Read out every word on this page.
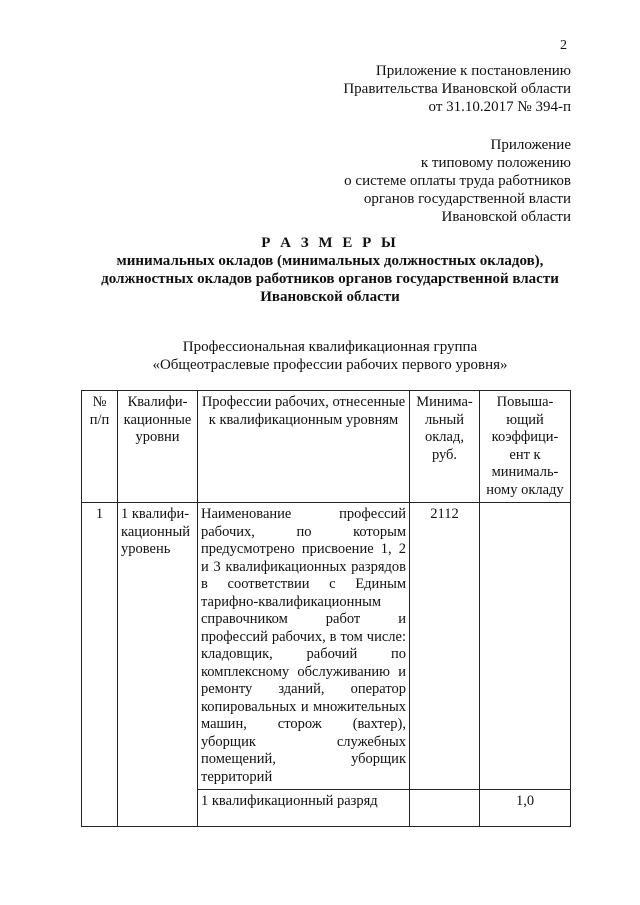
2
Приложение к постановлению
Правительства Ивановской области
от 31.10.2017 № 394-п
Приложение
к типовому положению
о системе оплаты труда работников
органов государственной власти
Ивановской области
Р А З М Е Р Ы
минимальных окладов (минимальных должностных окладов),
должностных окладов работников органов государственной власти
Ивановской области
Профессиональная квалификационная группа
«Общеотраслевые профессии рабочих первого уровня»
№ п/п	Квалифи-кационные уровни	Профессии рабочих, отнесенные к квалификационным уровням	Минима-льный оклад, руб.	Повыша-ющий коэффици-ент к минималь-ному окладу
1	1 квалифи-кационный уровень	Наименование профессий рабочих, по которым предусмотрено присвоение 1, 2 и 3 квалификационных разрядов в соответствии с Единым тарифно-квалификационным справочником работ и профессий рабочих, в том числе: кладовщик, рабочий по комплексному обслуживанию и ремонту зданий, оператор копировальных и множительных машин, сторож (вахтер), уборщик служебных помещений, уборщик территорий	2112	
		1 квалификационный разряд		1,0
